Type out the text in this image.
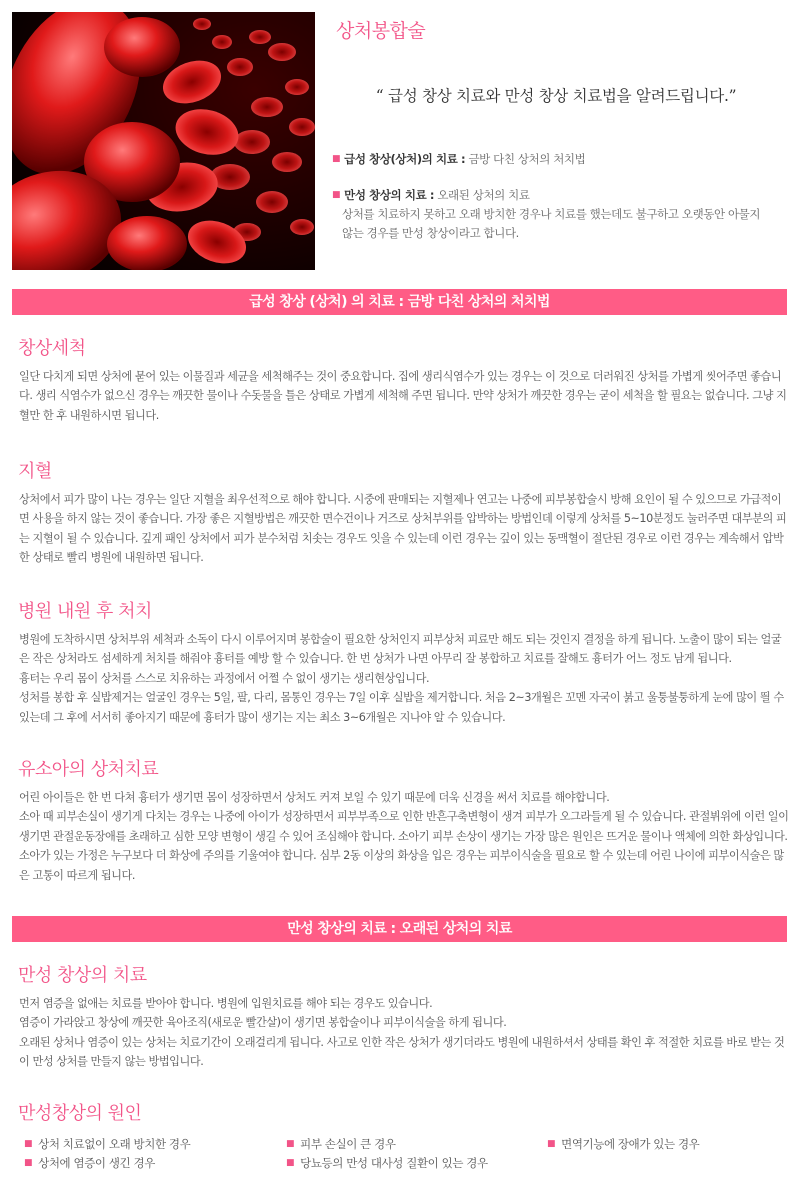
상처봉합술
“ 급성 창상 치료와 만성 창상 치료법을 알려드립니다.”
■ 급성 창상(상처)의 치료 : 금방 다친 상처의 처치법
■ 만성 창상의 치료 : 오래된 상처의 치료
상처를 치료하지 못하고 오래 방치한 경우나 치료를 했는데도 불구하고 오랫동안 아물지 않는 경우를 만성 창상이라고 합니다.
급성 창상 (상처) 의 치료 : 금방 다친 상처의 처치법
창상세척

일단 다치게 되면 상처에 묻어 있는 이물질과 세균을 세척해주는 것이 중요합니다. 집에 생리식염수가 있는 경우는 이 것으로 더러워진 상처를 가볍게 씻어주면 좋습니다. 생리 식염수가 없으신 경우는 깨끗한 물이나 수돗물을 틀은 상태로 가볍게 세척해 주면 됩니다. 만약 상처가 깨끗한 경우는 굳이 세척을 할 필요는 없습니다. 그냥 지혈만 한 후 내원하시면 됩니다.

지혈

상처에서 피가 많이 나는 경우는 일단 지혈을 최우선적으로 해야 합니다. 시중에 판매되는 지혈제나 연고는 나중에 피부봉합술시 방해 요인이 될 수 있으므로 가급적이면 사용을 하지 않는 것이 좋습니다. 가장 좋은 지혈방법은 깨끗한 면수건이나 거즈로 상처부위를 압박하는 방법인데 이렇게 상처를 5~10분정도 눌러주면 대부분의 피는 지혈이 될 수 있습니다. 깊게 패인 상처에서 피가 분수처럼 치솟는 경우도 잇을 수 있는데 이런 경우는 깊이 있는 동맥혈이 절단된 경우로 이런 경우는 계속해서 압박한 상태로 빨리 병원에 내원하면 됩니다.

병원 내원 후 처치

병원에 도착하시면 상처부위 세척과 소독이 다시 이루어지며 봉합술이 필요한 상처인지 피부상처 피료만 해도 되는 것인지 결정을 하게 됩니다. 노출이 많이 되는 얼굴은 작은 상처라도 섬세하게 처치를 해줘야 흉터를 예방 할 수 있습니다. 한 번 상처가 나면 아무리 잘 봉합하고 치료를 잘해도 흉터가 어느 정도 남게 됩니다.

흉터는 우리 몸이 상처를 스스로 치유하는 과정에서 어쩔 수 없이 생기는 생리현상입니다.

성처를 봉합 후 실밥제거는 얼굴인 경우는 5일, 팔, 다리, 몸통인 경우는 7일 이후 실밥을 제거합니다. 처음 2~3개월은 꼬멘 자국이 붉고 울퉁불퉁하게 눈에 많이 띌 수 있는데 그 후에 서서히 좋아지기 때문에 흉터가 많이 생기는 지는 최소 3~6개월은 지나야 알 수 있습니다.

유소아의 상처치료

어린 아이들은 한 번 다쳐 흉터가 생기면 몸이 성장하면서 상처도 커져 보일 수 있기 때문에 더욱 신경을 써서 치료를 해야합니다.

소아 때 피부손실이 생기게 다치는 경우는 나중에 아이가 성장하면서 피부부족으로 인한 반흔구축변형이 생겨 피부가 오그라들게 될 수 있습니다. 관절뷔위에 이런 일이 생기면 관절운동장애를 초래하고 심한 모양 변형이 생길 수 있어 조심해야 합니다. 소아기 피부 손상이 생기는 가장 많은 원인은 뜨거운 물이나 액체에 의한 화상입니다. 소아가 있는 가정은 누구보다 더 화상에 주의를 기울여야 합니다. 심부 2동 이상의 화상을 입은 경우는 피부이식술을 필요로 할 수 있는데 어린 나이에 피부이식술은 많은 고통이 따르게 됩니다.

만성 창상의 치료 : 오래된 상처의 치료
만성 창상의 치료

먼저 염증을 없애는 치료를 받아야 합니다. 병원에 입원치료를 해야 되는 경우도 있습니다.

염증이 가라앉고 창상에 깨끗한 육아조직(새로운 빨간살)이 생기면 봉합술이나 피부이식술을 하게 됩니다.

오래된 상처나 염증이 있는 상처는 치료기간이 오래걸리게 됩니다. 사고로 인한 작은 상처가 생기더라도 병원에 내원하셔서 상태를 확인 후 적절한 치료를 바로 받는 것이 만성 상처를 만들지 않는 방법입니다.

만성창상의 원인
■ 상처 치료없이 오래 방치한 경우	■ 피부 손실이 큰 경우	■ 면역기능에 장애가 있는 경우
■ 상처에 염증이 생긴 경우	■ 당뇨등의 만성 대사성 질환이 있는 경우
